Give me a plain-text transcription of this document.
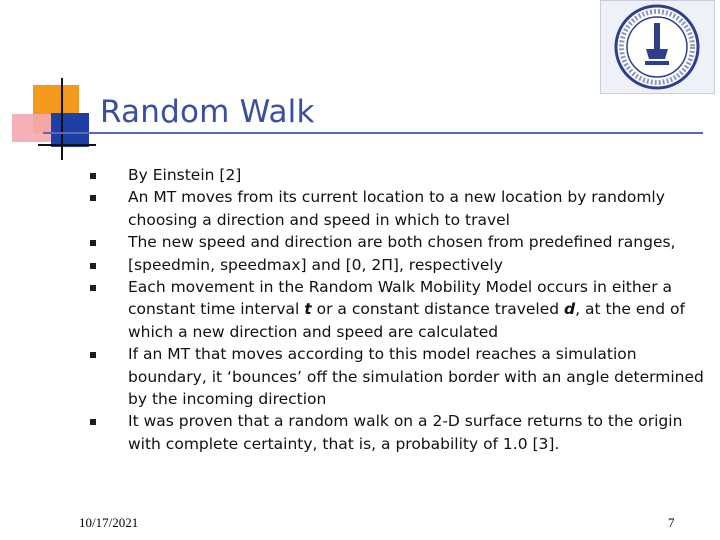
Random Walk
By Einstein [2]
An MT moves from its current location to a new location by randomly choosing a direction and speed in which to travel
The new speed and direction are both chosen from predefined ranges,
[speedmin, speedmax] and [0, 2Π], respectively
Each movement in the Random Walk Mobility Model occurs in either a constant time interval t or a constant distance traveled d, at the end of which a new direction and speed are calculated
If an MT that moves according to this model reaches a simulation boundary, it ‘bounces’ off the simulation border with an angle determined by the incoming direction
It was proven that a random walk on a 2-D surface returns to the origin with complete certainty, that is, a probability of 1.0 [3].
10/17/2021	7
